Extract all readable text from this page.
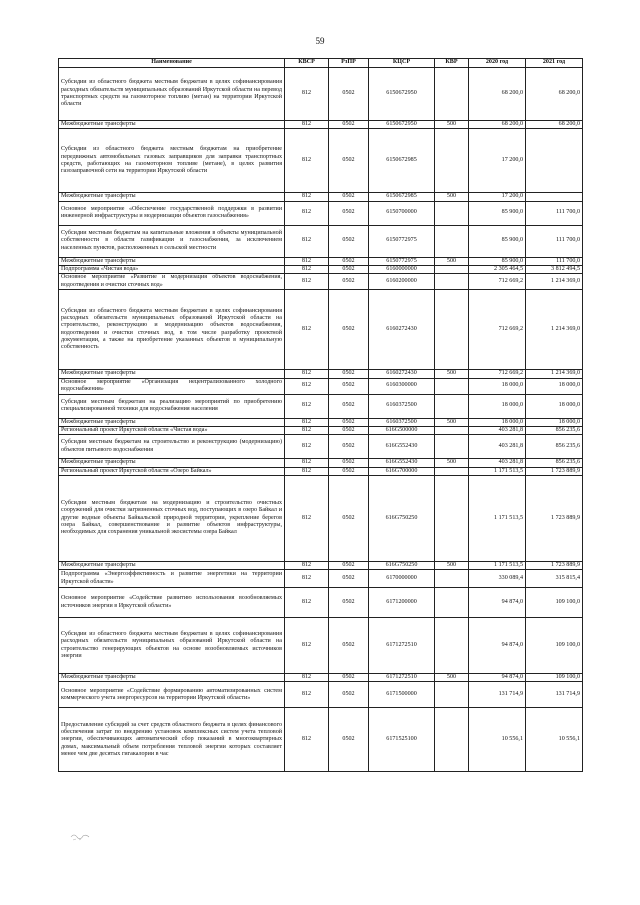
59
Наименование	КВСР	РзПР	КЦСР	КВР	2020 год	2021 год
Субсидии из областного бюджета местным бюджетам в целях софинансирования расходных обязательств муниципальных образований Иркутской области на перевод транспортных средств на газомоторное топливо (метан) на территории Иркутской области	812	0502	6150672950		68 200,0	68 200,0
Межбюджетные трансферты	812	0502	6150672950	500	68 200,0	68 200,0
Субсидии из областного бюджета местным бюджетам на приобретение передвижных автомобильных газовых заправщиков для заправки транспортных средств, работающих на газомоторном топливе (метане), в целях развития газозаправочной сети на территории Иркутской области	812	0502	6150672985		17 200,0	
Межбюджетные трансферты	812	0502	6150672985	500	17 200,0	
Основное мероприятие «Обеспечение государственной поддержки в развитии инженерной инфраструктуры и модернизации объектов газоснабжения»	812	0502	6150700000		85 900,0	111 700,0
Субсидии местным бюджетам на капитальные вложения в объекты муниципальной собственности в области газификации и газоснабжения, за исключением населенных пунктов, расположенных в сельской местности	812	0502	6150772975		85 900,0	111 700,0
Межбюджетные трансферты	812	0502	6150772975	500	85 900,0	111 700,0
Подпрограмма «Чистая вода»	812	0502	6160000000		2 305 464,5	3 812 494,5
Основное мероприятие «Развитие и модернизация объектов водоснабжения, водоотведения и очистки сточных вод»	812	0502	6160200000		712 669,2	1 214 369,0
Субсидии из областного бюджета местным бюджетам в целях софинансирования расходных обязательств муниципальных образований Иркутской области на строительство, реконструкцию и модернизацию объектов водоснабжения, водоотведения и очистки сточных вод, в том числе разработку проектной документации, а также на приобретение указанных объектов в муниципальную собственность	812	0502	6160272430		712 669,2	1 214 369,0
Межбюджетные трансферты	812	0502	6160272430	500	712 669,2	1 214 369,0
Основное мероприятие «Организация нецентрализованного холодного водоснабжения»	812	0502	6160300000		18 000,0	18 000,0
Субсидии местным бюджетам на реализацию мероприятий по приобретению специализированной техники для водоснабжения населения	812	0502	6160372500		18 000,0	18 000,0
Межбюджетные трансферты	812	0502	6160372500	500	18 000,0	18 000,0
Региональный проект Иркутской области «Чистая вода»	812	0502	616G500000		403 281,8	856 235,6
Субсидии местным бюджетам на строительство и реконструкцию (модернизацию) объектов питьевого водоснабжения	812	0502	616G552430		403 281,8	856 235,6
Межбюджетные трансферты	812	0502	616G552430	500	403 281,8	856 235,6
Региональный проект Иркутской области «Озеро Байкал»	812	0502	616G700000		1 171 513,5	1 723 889,9
Субсидии местным бюджетам на модернизацию и строительство очистных сооружений для очистки загрязненных сточных вод, поступающих в озеро Байкал и другие водные объекты Байкальской природной территории, укрепление берегов озера Байкал, совершенствование и развитие объектов инфраструктуры, необходимых для сохранения уникальной экосистемы озера Байкал	812	0502	616G750250		1 171 513,5	1 723 889,9
Межбюджетные трансферты	812	0502	616G750250	500	1 171 513,5	1 723 889,9
Подпрограмма «Энергоэффективность и развитие энергетики на территории Иркутской области»	812	0502	6170000000		330 089,4	315 815,4
Основное мероприятие «Содействие развитию использования возобновляемых источников энергии в Иркутской области»	812	0502	6171200000		94 874,0	109 100,0
Субсидии из областного бюджета местным бюджетам в целях софинансирования расходных обязательств муниципальных образований Иркутской области на строительство генерирующих объектов на основе возобновляемых источников энергии	812	0502	6171272510		94 874,0	109 100,0
Межбюджетные трансферты	812	0502	6171272510	500	94 874,0	109 100,0
Основное мероприятие «Содействие формированию автоматизированных систем коммерческого учета энергоресурсов на территории Иркутской области»	812	0502	6171500000		131 714,9	131 714,9
Предоставление субсидий за счет средств областного бюджета в целях финансового обеспечения затрат по внедрению установок комплексных систем учета тепловой энергии, обеспечивающих автоматический сбор показаний в многоквартирных домах, максимальный объем потребления тепловой энергии которых составляет менее чем две десятых гигакалории в час	812	0502	6171525100		10 556,1	10 556,1
